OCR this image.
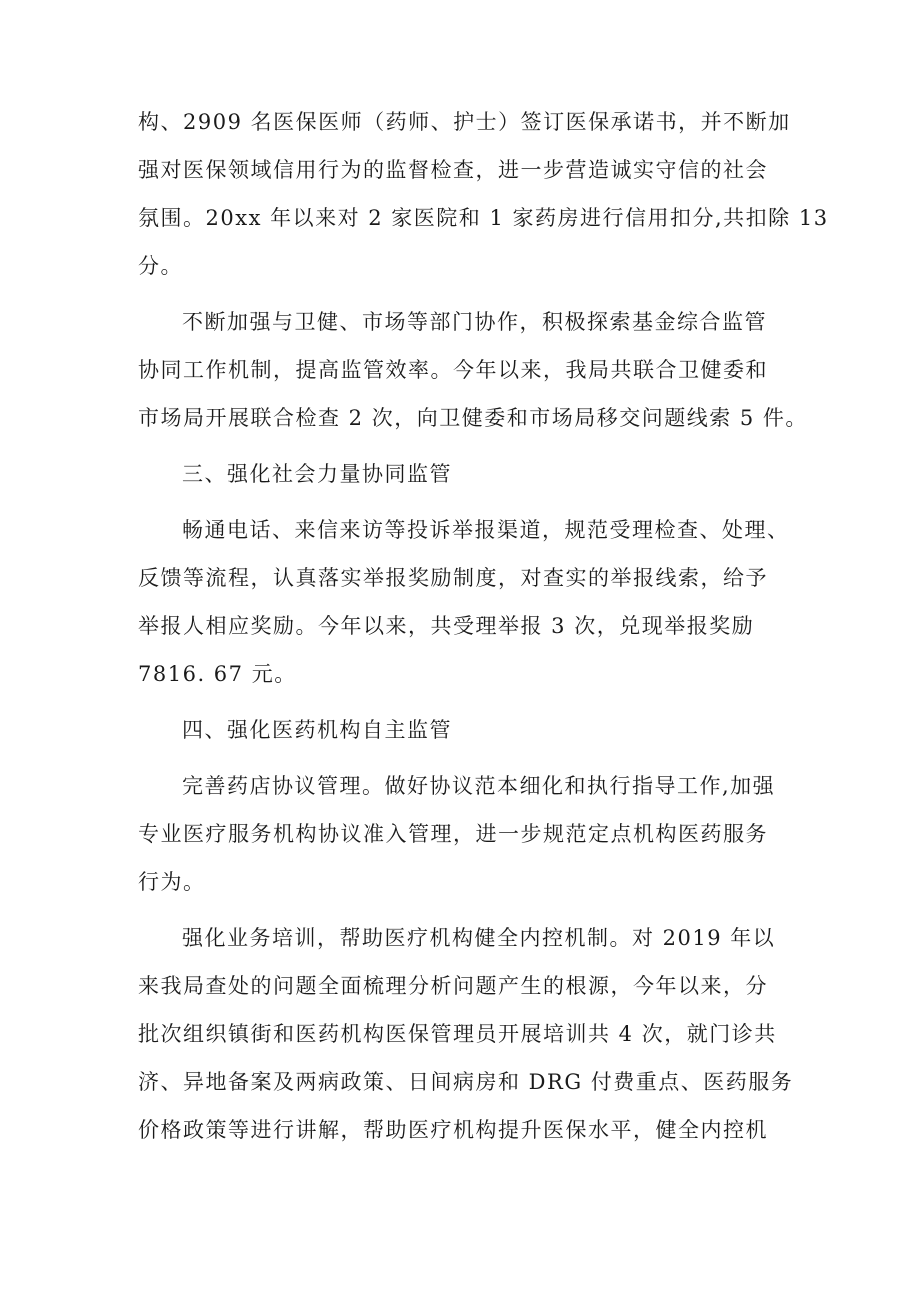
构、2909 名医保医师（药师、护士）签订医保承诺书，并不断加
强对医保领域信用行为的监督检查，进一步营造诚实守信的社会
氛围。20xx 年以来对 2 家医院和 1 家药房进行信用扣分,共扣除 13
分。

不断加强与卫健、市场等部门协作，积极探索基金综合监管
协同工作机制，提高监管效率。今年以来，我局共联合卫健委和
市场局开展联合检查 2 次，向卫健委和市场局移交问题线索 5 件。

三、强化社会力量协同监管

畅通电话、来信来访等投诉举报渠道，规范受理检查、处理、
反馈等流程，认真落实举报奖励制度，对查实的举报线索，给予
举报人相应奖励。今年以来，共受理举报 3 次，兑现举报奖励
7816. 67 元。

四、强化医药机构自主监管

完善药店协议管理。做好协议范本细化和执行指导工作,加强
专业医疗服务机构协议准入管理，进一步规范定点机构医药服务
行为。

强化业务培训，帮助医疗机构健全内控机制。对 2019 年以
来我局查处的问题全面梳理分析问题产生的根源，今年以来，分
批次组织镇街和医药机构医保管理员开展培训共 4 次，就门诊共
济、异地备案及两病政策、日间病房和 DRG 付费重点、医药服务
价格政策等进行讲解，帮助医疗机构提升医保水平，健全内控机
